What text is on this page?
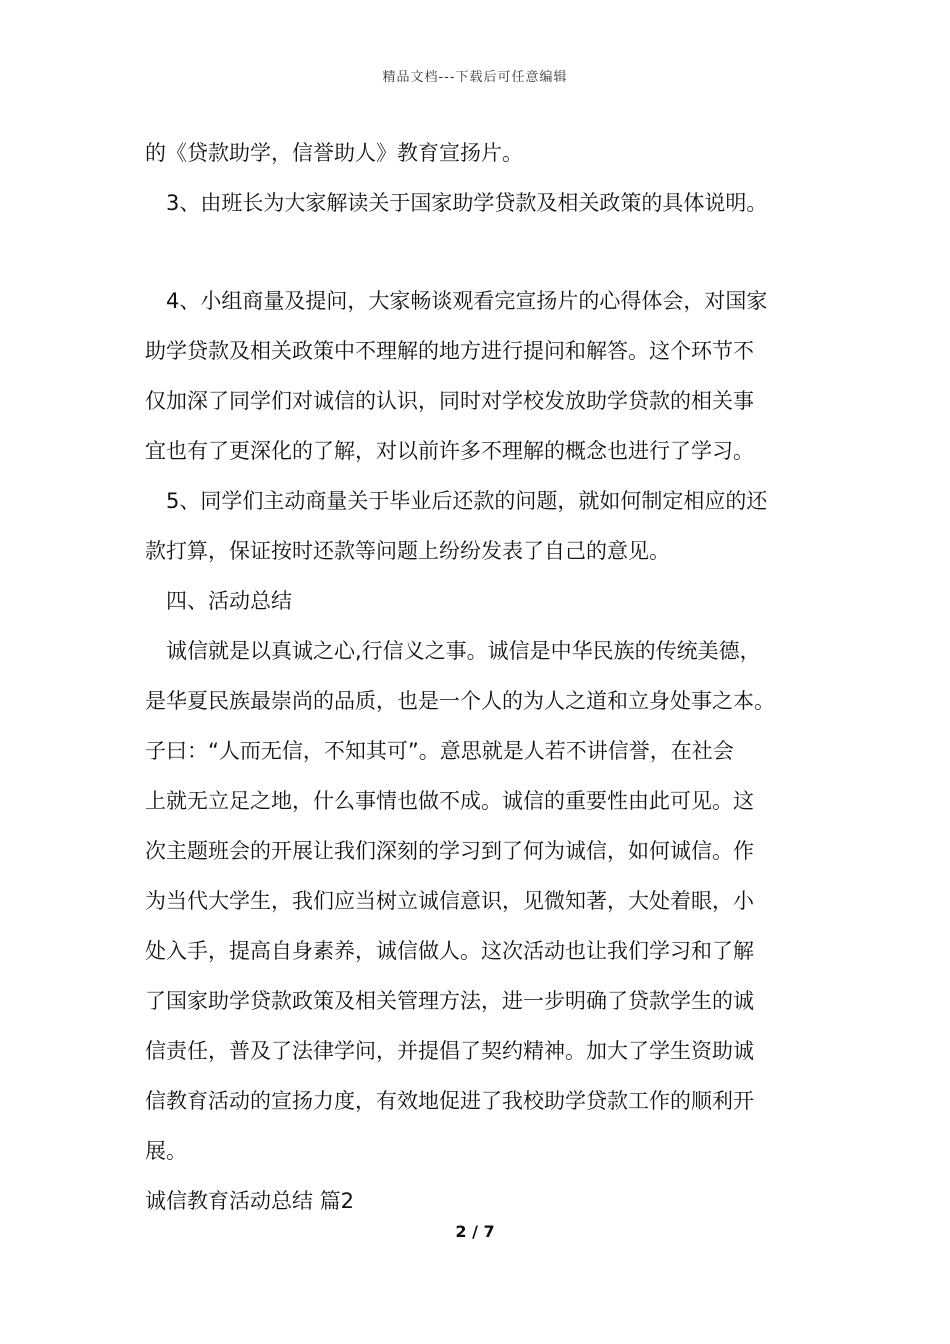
精品文档---下载后可任意编辑
的《贷款助学，信誉助人》教育宣扬片。
　3、由班长为大家解读关于国家助学贷款及相关政策的具体说明。
　4、小组商量及提问，大家畅谈观看完宣扬片的心得体会，对国家
助学贷款及相关政策中不理解的地方进行提问和解答。这个环节不
仅加深了同学们对诚信的认识，同时对学校发放助学贷款的相关事
宜也有了更深化的了解，对以前许多不理解的概念也进行了学习。
　5、同学们主动商量关于毕业后还款的问题，就如何制定相应的还
款打算，保证按时还款等问题上纷纷发表了自己的意见。
　四、活动总结
　诚信就是以真诚之心,行信义之事。诚信是中华民族的传统美德，
是华夏民族最崇尚的品质，也是一个人的为人之道和立身处事之本。
子曰：“人而无信，不知其可”。意思就是人若不讲信誉，在社会
上就无立足之地，什么事情也做不成。诚信的重要性由此可见。这
次主题班会的开展让我们深刻的学习到了何为诚信，如何诚信。作
为当代大学生，我们应当树立诚信意识，见微知著，大处着眼，小
处入手，提高自身素养，诚信做人。这次活动也让我们学习和了解
了国家助学贷款政策及相关管理方法，进一步明确了贷款学生的诚
信责任，普及了法律学问，并提倡了契约精神。加大了学生资助诚
信教育活动的宣扬力度，有效地促进了我校助学贷款工作的顺利开
展。
诚信教育活动总结 篇2
2 / 7
